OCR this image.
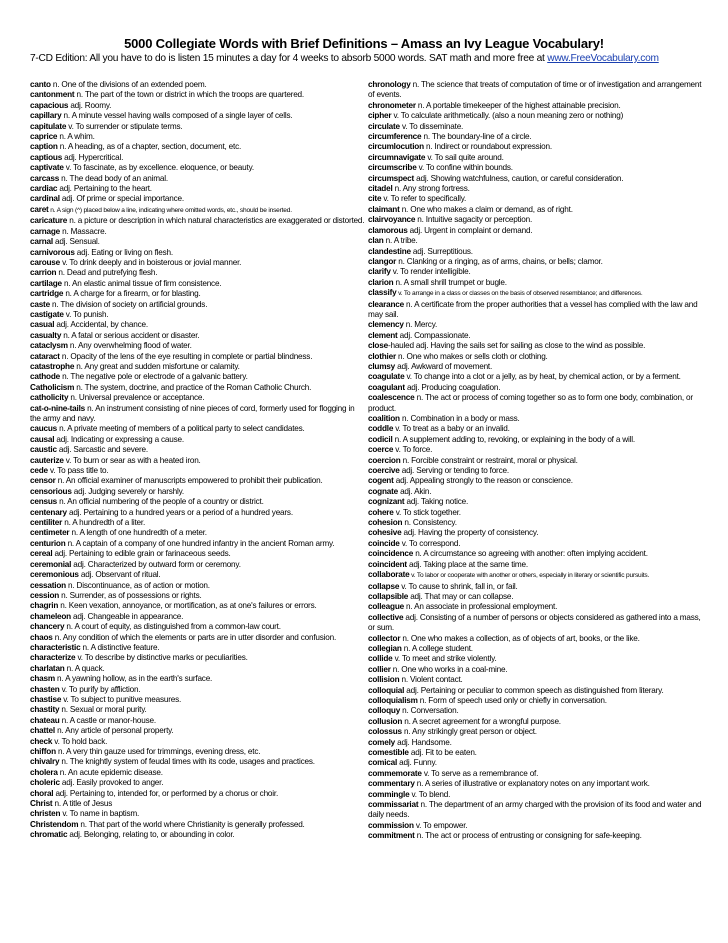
5000 Collegiate Words with Brief Definitions – Amass an Ivy League Vocabulary!
7-CD Edition: All you have to do is listen 15 minutes a day for 4 weeks to absorb 5000 words. SAT math and more free at www.FreeVocabulary.com
canto n. One of the divisions of an extended poem.
cantonment n. The part of the town or district in which the troops are quartered.
capacious adj. Roomy.
capillary n. A minute vessel having walls composed of a single layer of cells.
capitulate v. To surrender or stipulate terms.
caprice n. A whim.
caption n. A heading, as of a chapter, section, document, etc.
captious adj. Hypercritical.
captivate v. To fascinate, as by excellence. eloquence, or beauty.
carcass n. The dead body of an animal.
cardiac adj. Pertaining to the heart.
cardinal adj. Of prime or special importance.
caret n. A sign (^) placed below a line, indicating where omitted words, etc., should be inserted.
caricature n. a picture or description in which natural characteristics are exaggerated or distorted.
carnage n. Massacre.
carnal adj. Sensual.
carnivorous adj. Eating or living on flesh.
carouse v. To drink deeply and in boisterous or jovial manner.
carrion n. Dead and putrefying flesh.
cartilage n. An elastic animal tissue of firm consistence.
cartridge n. A charge for a firearm, or for blasting.
caste n. The division of society on artificial grounds.
castigate v. To punish.
casual adj. Accidental, by chance.
casualty n. A fatal or serious accident or disaster.
cataclysm n. Any overwhelming flood of water.
cataract n. Opacity of the lens of the eye resulting in complete or partial blindness.
catastrophe n. Any great and sudden misfortune or calamity.
cathode n. The negative pole or electrode of a galvanic battery.
Catholicism n. The system, doctrine, and practice of the Roman Catholic Church.
catholicity n. Universal prevalence or acceptance.
cat-o-nine-tails n. An instrument consisting of nine pieces of cord, formerly used for flogging in the army and navy.
caucus n. A private meeting of members of a political party to select candidates.
causal adj. Indicating or expressing a cause.
caustic adj. Sarcastic and severe.
cauterize v. To burn or sear as with a heated iron.
cede v. To pass title to.
censor n. An official examiner of manuscripts empowered to prohibit their publication.
censorious adj. Judging severely or harshly.
census n. An official numbering of the people of a country or district.
centenary adj. Pertaining to a hundred years or a period of a hundred years.
centiliter n. A hundredth of a liter.
centimeter n. A length of one hundredth of a meter.
centurion n. A captain of a company of one hundred infantry in the ancient Roman army.
cereal adj. Pertaining to edible grain or farinaceous seeds.
ceremonial adj. Characterized by outward form or ceremony.
ceremonious adj. Observant of ritual.
cessation n. Discontinuance, as of action or motion.
cession n. Surrender, as of possessions or rights.
chagrin n. Keen vexation, annoyance, or mortification, as at one's failures or errors.
chameleon adj. Changeable in appearance.
chancery n. A court of equity, as distinguished from a common-law court.
chaos n. Any condition of which the elements or parts are in utter disorder and confusion.
characteristic n. A distinctive feature.
characterize v. To describe by distinctive marks or peculiarities.
charlatan n. A quack.
chasm n. A yawning hollow, as in the earth's surface.
chasten v. To purify by affliction.
chastise v. To subject to punitive measures.
chastity n. Sexual or moral purity.
chateau n. A castle or manor-house.
chattel n. Any article of personal property.
check v. To hold back.
chiffon n. A very thin gauze used for trimmings, evening dress, etc.
chivalry n. The knightly system of feudal times with its code, usages and practices.
cholera n. An acute epidemic disease.
choleric adj. Easily provoked to anger.
choral adj. Pertaining to, intended for, or performed by a chorus or choir.
Christ n. A title of Jesus
christen v. To name in baptism.
Christendom n. That part of the world where Christianity is generally professed.
chromatic adj. Belonging, relating to, or abounding in color.
chronology n. The science that treats of computation of time or of investigation and arrangement of events.
chronometer n. A portable timekeeper of the highest attainable precision.
cipher v. To calculate arithmetically. (also a noun meaning zero or nothing)
circulate v. To disseminate.
circumference n. The boundary-line of a circle.
circumlocution n. Indirect or roundabout expression.
circumnavigate v. To sail quite around.
circumscribe v. To confine within bounds.
circumspect adj. Showing watchfulness, caution, or careful consideration.
citadel n. Any strong fortress.
cite v. To refer to specifically.
claimant n. One who makes a claim or demand, as of right.
clairvoyance n. Intuitive sagacity or perception.
clamorous adj. Urgent in complaint or demand.
clan n. A tribe.
clandestine adj. Surreptitious.
clangor n. Clanking or a ringing, as of arms, chains, or bells; clamor.
clarify v. To render intelligible.
clarion n. A small shrill trumpet or bugle.
classify v. To arrange in a class or classes on the basis of observed resemblance; and differences.
clearance n. A certificate from the proper authorities that a vessel has complied with the law and may sail.
clemency n. Mercy.
clement adj. Compassionate.
close-hauled adj. Having the sails set for sailing as close to the wind as possible.
clothier n. One who makes or sells cloth or clothing.
clumsy adj. Awkward of movement.
coagulate v. To change into a clot or a jelly, as by heat, by chemical action, or by a ferment.
coagulant adj. Producing coagulation.
coalescence n. The act or process of coming together so as to form one body, combination, or product.
coalition n. Combination in a body or mass.
coddle v. To treat as a baby or an invalid.
codicil n. A supplement adding to, revoking, or explaining in the body of a will.
coerce v. To force.
coercion n. Forcible constraint or restraint, moral or physical.
coercive adj. Serving or tending to force.
cogent adj. Appealing strongly to the reason or conscience.
cognate adj. Akin.
cognizant adj. Taking notice.
cohere v. To stick together.
cohesion n. Consistency.
cohesive adj. Having the property of consistency.
coincide v. To correspond.
coincidence n. A circumstance so agreeing with another: often implying accident.
coincident adj. Taking place at the same time.
collaborate v. To labor or cooperate with another or others, especially in literary or scientific pursuits.
collapse v. To cause to shrink, fall in, or fail.
collapsible adj. That may or can collapse.
colleague n. An associate in professional employment.
collective adj. Consisting of a number of persons or objects considered as gathered into a mass, or sum.
collector n. One who makes a collection, as of objects of art, books, or the like.
collegian n. A college student.
collide v. To meet and strike violently.
collier n. One who works in a coal-mine.
collision n. Violent contact.
colloquial adj. Pertaining or peculiar to common speech as distinguished from literary.
colloquialism n. Form of speech used only or chiefly in conversation.
colloquy n. Conversation.
collusion n. A secret agreement for a wrongful purpose.
colossus n. Any strikingly great person or object.
comely adj. Handsome.
comestible adj. Fit to be eaten.
comical adj. Funny.
commemorate v. To serve as a remembrance of.
commentary n. A series of illustrative or explanatory notes on any important work.
commingle v. To blend.
commissariat n. The department of an army charged with the provision of its food and water and daily needs.
commission v. To empower.
commitment n. The act or process of entrusting or consigning for safe-keeping.
